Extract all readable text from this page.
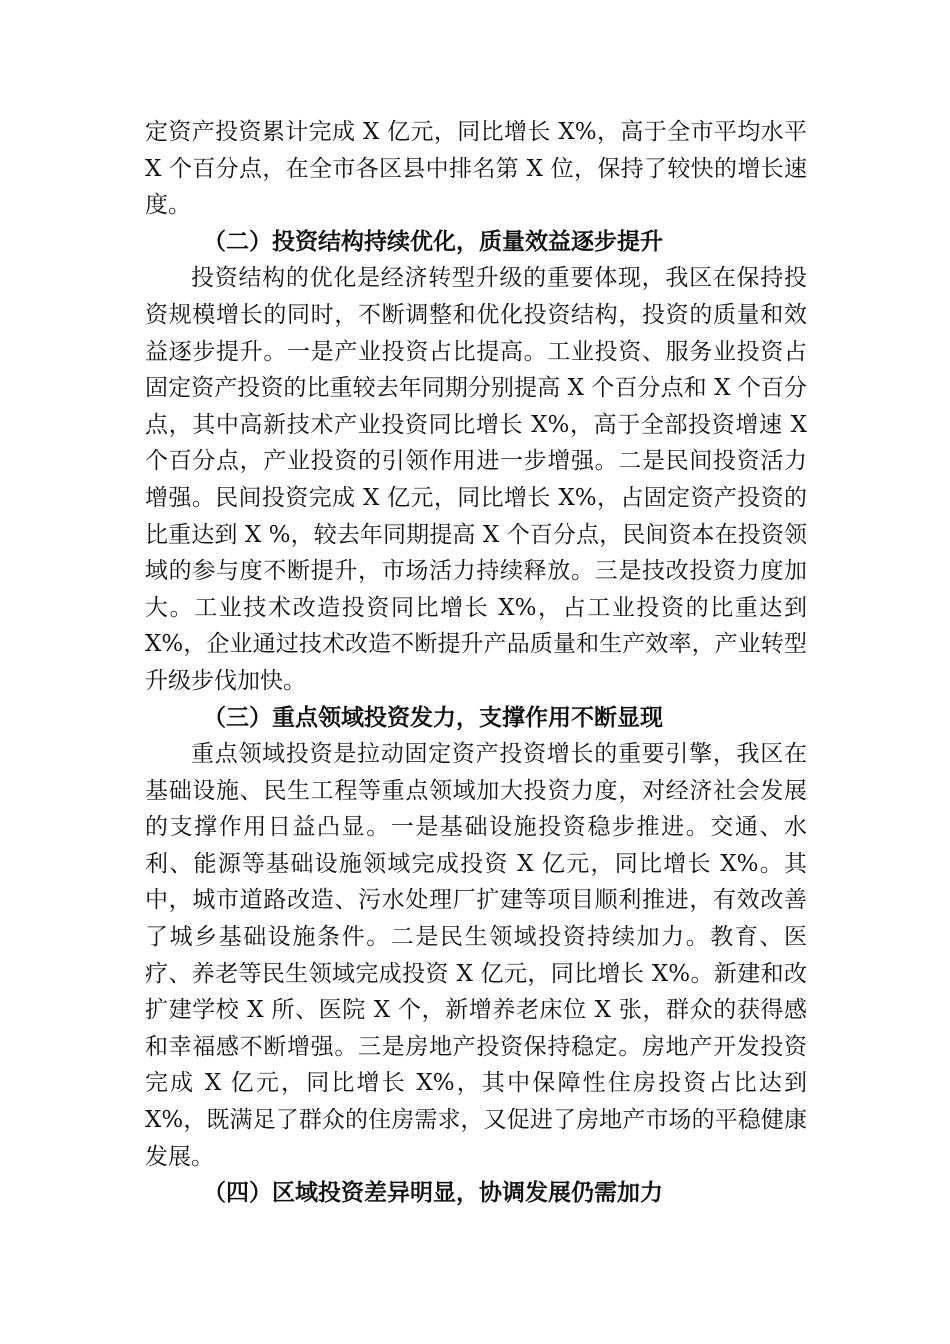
定资产投资累计完成 X 亿元，同比增长 X%，高于全市平均水平 X 个百分点，在全市各区县中排名第 X 位，保持了较快的增长速度。

（二）投资结构持续优化，质量效益逐步提升

投资结构的优化是经济转型升级的重要体现，我区在保持投资规模增长的同时，不断调整和优化投资结构，投资的质量和效益逐步提升。一是产业投资占比提高。工业投资、服务业投资占固定资产投资的比重较去年同期分别提高 X 个百分点和 X 个百分点，其中高新技术产业投资同比增长 X%，高于全部投资增速 X 个百分点，产业投资的引领作用进一步增强。二是民间投资活力增强。民间投资完成 X 亿元，同比增长 X%，占固定资产投资的比重达到 X %，较去年同期提高 X 个百分点，民间资本在投资领域的参与度不断提升，市场活力持续释放。三是技改投资力度加大。工业技术改造投资同比增长 X%，占工业投资的比重达到 X%，企业通过技术改造不断提升产品质量和生产效率，产业转型升级步伐加快。

（三）重点领域投资发力，支撑作用不断显现

重点领域投资是拉动固定资产投资增长的重要引擎，我区在基础设施、民生工程等重点领域加大投资力度，对经济社会发展的支撑作用日益凸显。一是基础设施投资稳步推进。交通、水利、能源等基础设施领域完成投资 X 亿元，同比增长 X%。其中，城市道路改造、污水处理厂扩建等项目顺利推进，有效改善了城乡基础设施条件。二是民生领域投资持续加力。教育、医疗、养老等民生领域完成投资 X 亿元，同比增长 X%。新建和改扩建学校 X 所、医院 X 个，新增养老床位 X 张，群众的获得感和幸福感不断增强。三是房地产投资保持稳定。房地产开发投资完成 X 亿元，同比增长 X%，其中保障性住房投资占比达到 X%，既满足了群众的住房需求，又促进了房地产市场的平稳健康发展。

（四）区域投资差异明显，协调发展仍需加力
